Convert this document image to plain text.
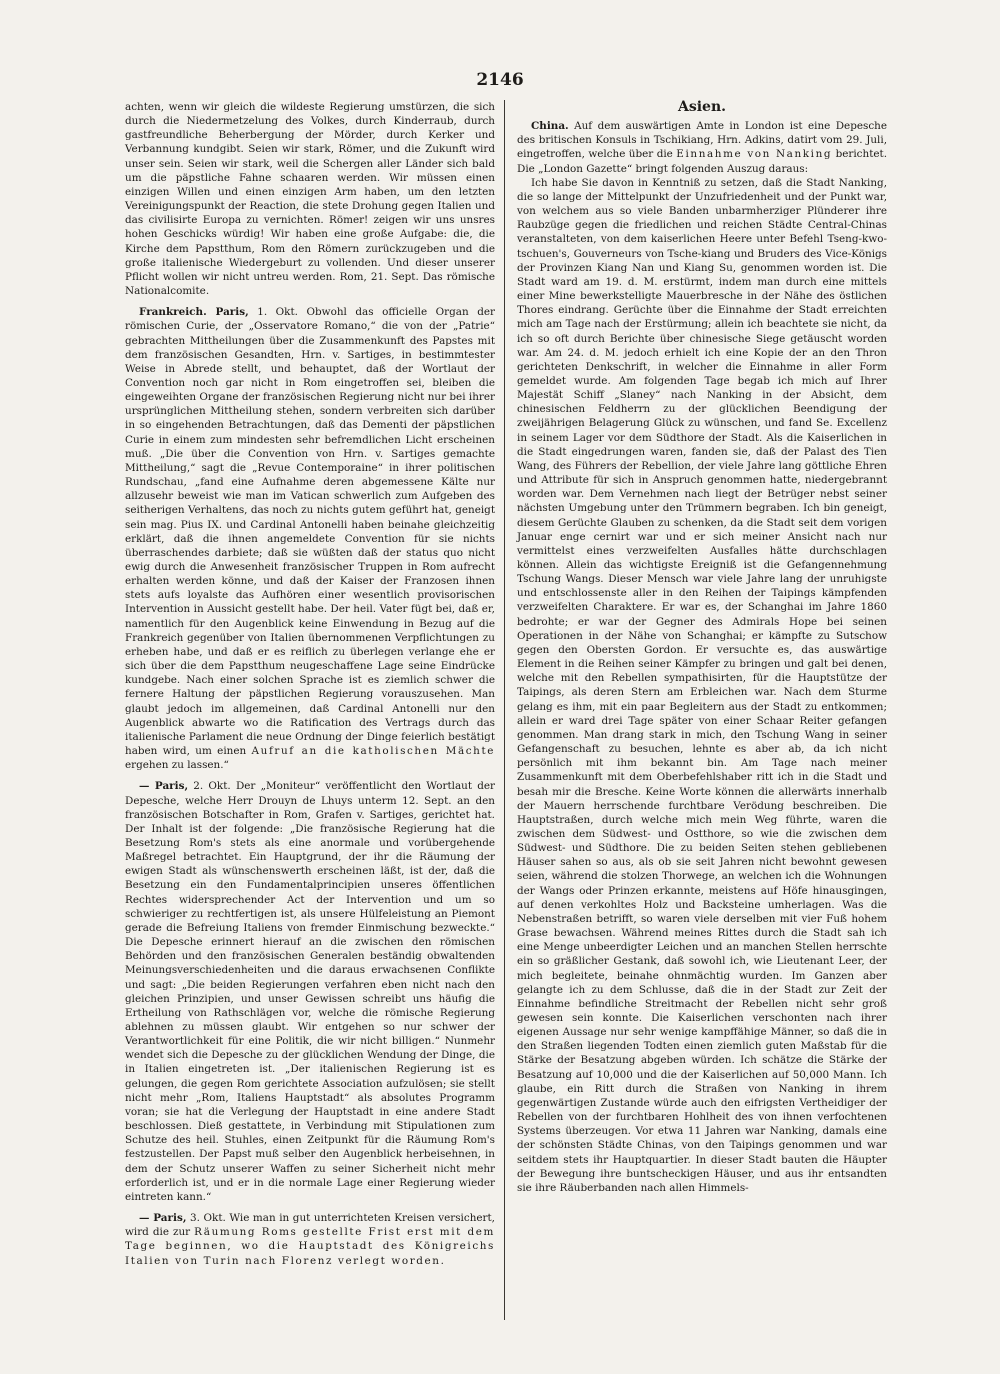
2146

achten, wenn wir gleich die wildeste Regierung umstürzen, die sich durch die Niedermetzelung des Volkes, durch Kinderraub, durch gastfreundliche Beherbergung der Mörder, durch Kerker und Verbannung kundgibt. Seien wir stark, Römer, und die Zukunft wird unser sein. Seien wir stark, weil die Schergen aller Länder sich bald um die päpstliche Fahne schaaren werden. Wir müssen einen einzigen Willen und einen einzigen Arm haben, um den letzten Vereinigungspunkt der Reaction, die stete Drohung gegen Italien und das civilisirte Europa zu vernichten. Römer! zeigen wir uns unsres hohen Geschicks würdig! Wir haben eine große Aufgabe: die, die Kirche dem Papstthum, Rom den Römern zurückzugeben und die große italienische Wiedergeburt zu vollenden. Und dieser unserer Pflicht wollen wir nicht untreu werden. Rom, 21. Sept. Das römische Nationalcomite.

Frankreich. Paris, 1. Okt. Obwohl das officielle Organ der römischen Curie, der „Osservatore Romano,“ die von der „Patrie“ gebrachten Mittheilungen über die Zusammenkunft des Papstes mit dem französischen Gesandten, Hrn. v. Sartiges, in bestimmtester Weise in Abrede stellt, und behauptet, daß der Wortlaut der Convention noch gar nicht in Rom eingetroffen sei, bleiben die eingeweihten Organe der französischen Regierung nicht nur bei ihrer ursprünglichen Mittheilung stehen, sondern verbreiten sich darüber in so eingehenden Betrachtungen, daß das Dementi der päpstlichen Curie in einem zum mindesten sehr befremdlichen Licht erscheinen muß. „Die über die Convention von Hrn. v. Sartiges gemachte Mittheilung,“ sagt die „Revue Contemporaine“ in ihrer politischen Rundschau, „fand eine Aufnahme deren abgemessene Kälte nur allzusehr beweist wie man im Vatican schwerlich zum Aufgeben des seitherigen Verhaltens, das noch zu nichts gutem geführt hat, geneigt sein mag. Pius IX. und Cardinal Antonelli haben beinahe gleichzeitig erklärt, daß die ihnen angemeldete Convention für sie nichts überraschendes darbiete; daß sie wüßten daß der status quo nicht ewig durch die Anwesenheit französischer Truppen in Rom aufrecht erhalten werden könne, und daß der Kaiser der Franzosen ihnen stets aufs loyalste das Aufhören einer wesentlich provisorischen Intervention in Aussicht gestellt habe. Der heil. Vater fügt bei, daß er, namentlich für den Augenblick keine Einwendung in Bezug auf die Frankreich gegenüber von Italien übernommenen Verpflichtungen zu erheben habe, und daß er es reiflich zu überlegen verlange ehe er sich über die dem Papstthum neugeschaffene Lage seine Eindrücke kundgebe. Nach einer solchen Sprache ist es ziemlich schwer die fernere Haltung der päpstlichen Regierung vorauszusehen. Man glaubt jedoch im allgemeinen, daß Cardinal Antonelli nur den Augenblick abwarte wo die Ratification des Vertrags durch das italienische Parlament die neue Ordnung der Dinge feierlich bestätigt haben wird, um einen Aufruf an die katholischen Mächte ergehen zu lassen.“

— Paris, 2. Okt. Der „Moniteur“ veröffentlicht den Wortlaut der Depesche, welche Herr Drouyn de Lhuys unterm 12. Sept. an den französischen Botschafter in Rom, Grafen v. Sartiges, gerichtet hat. Der Inhalt ist der folgende: „Die französische Regierung hat die Besetzung Rom's stets als eine anormale und vorübergehende Maßregel betrachtet. Ein Hauptgrund, der ihr die Räumung der ewigen Stadt als wünschenswerth erscheinen läßt, ist der, daß die Besetzung ein den Fundamentalprincipien unseres öffentlichen Rechtes widersprechender Act der Intervention und um so schwieriger zu rechtfertigen ist, als unsere Hülfeleistung an Piemont gerade die Befreiung Italiens von fremder Einmischung bezweckte.“ Die Depesche erinnert hierauf an die zwischen den römischen Behörden und den französischen Generalen beständig obwaltenden Meinungsverschiedenheiten und die daraus erwachsenen Conflikte und sagt: „Die beiden Regierungen verfahren eben nicht nach den gleichen Prinzipien, und unser Gewissen schreibt uns häufig die Ertheilung von Rathschlägen vor, welche die römische Regierung ablehnen zu müssen glaubt. Wir entgehen so nur schwer der Verantwortlichkeit für eine Politik, die wir nicht billigen.“ Nunmehr wendet sich die Depesche zu der glücklichen Wendung der Dinge, die in Italien eingetreten ist. „Der italienischen Regierung ist es gelungen, die gegen Rom gerichtete Association aufzulösen; sie stellt nicht mehr „Rom, Italiens Hauptstadt“ als absolutes Programm voran; sie hat die Verlegung der Hauptstadt in eine andere Stadt beschlossen. Dieß gestattete, in Verbindung mit Stipulationen zum Schutze des heil. Stuhles, einen Zeitpunkt für die Räumung Rom's festzustellen. Der Papst muß selber den Augenblick herbeisehnen, in dem der Schutz unserer Waffen zu seiner Sicherheit nicht mehr erforderlich ist, und er in die normale Lage einer Regierung wieder eintreten kann.“

— Paris, 3. Okt. Wie man in gut unterrichteten Kreisen versichert, wird die zur Räumung Roms gestellte Frist erst mit dem Tage beginnen, wo die Hauptstadt des Königreichs Italien von Turin nach Florenz verlegt worden.

Asien.

China. Auf dem auswärtigen Amte in London ist eine Depesche des britischen Konsuls in Tschikiang, Hrn. Adkins, datirt vom 29. Juli, eingetroffen, welche über die Einnahme von Nanking berichtet. Die „London Gazette“ bringt folgenden Auszug daraus:

Ich habe Sie davon in Kenntniß zu setzen, daß die Stadt Nanking, die so lange der Mittelpunkt der Unzufriedenheit und der Punkt war, von welchem aus so viele Banden unbarmherziger Plünderer ihre Raubzüge gegen die friedlichen und reichen Städte Central-Chinas veranstalteten, von dem kaiserlichen Heere unter Befehl Tseng-kwo-tschuen's, Gouverneurs von Tsche-kiang und Bruders des Vice-Königs der Provinzen Kiang Nan und Kiang Su, genommen worden ist. Die Stadt ward am 19. d. M. erstürmt, indem man durch eine mittels einer Mine bewerkstelligte Mauerbresche in der Nähe des östlichen Thores eindrang. Gerüchte über die Einnahme der Stadt erreichten mich am Tage nach der Erstürmung; allein ich beachtete sie nicht, da ich so oft durch Berichte über chinesische Siege getäuscht worden war. Am 24. d. M. jedoch erhielt ich eine Kopie der an den Thron gerichteten Denkschrift, in welcher die Einnahme in aller Form gemeldet wurde. Am folgenden Tage begab ich mich auf Ihrer Majestät Schiff „Slaney“ nach Nanking in der Absicht, dem chinesischen Feldherrn zu der glücklichen Beendigung der zweijährigen Belagerung Glück zu wünschen, und fand Se. Excellenz in seinem Lager vor dem Südthore der Stadt. Als die Kaiserlichen in die Stadt eingedrungen waren, fanden sie, daß der Palast des Tien Wang, des Führers der Rebellion, der viele Jahre lang göttliche Ehren und Attribute für sich in Anspruch genommen hatte, niedergebrannt worden war. Dem Vernehmen nach liegt der Betrüger nebst seiner nächsten Umgebung unter den Trümmern begraben. Ich bin geneigt, diesem Gerüchte Glauben zu schenken, da die Stadt seit dem vorigen Januar enge cernirt war und er sich meiner Ansicht nach nur vermittelst eines verzweifelten Ausfalles hätte durchschlagen können. Allein das wichtigste Ereigniß ist die Gefangennehmung Tschung Wangs. Dieser Mensch war viele Jahre lang der unruhigste und entschlossenste aller in den Reihen der Taipings kämpfenden verzweifelten Charaktere. Er war es, der Schanghai im Jahre 1860 bedrohte; er war der Gegner des Admirals Hope bei seinen Operationen in der Nähe von Schanghai; er kämpfte zu Sutschow gegen den Obersten Gordon. Er versuchte es, das auswärtige Element in die Reihen seiner Kämpfer zu bringen und galt bei denen, welche mit den Rebellen sympathisirten, für die Hauptstütze der Taipings, als deren Stern am Erbleichen war. Nach dem Sturme gelang es ihm, mit ein paar Begleitern aus der Stadt zu entkommen; allein er ward drei Tage später von einer Schaar Reiter gefangen genommen. Man drang stark in mich, den Tschung Wang in seiner Gefangenschaft zu besuchen, lehnte es aber ab, da ich nicht persönlich mit ihm bekannt bin. Am Tage nach meiner Zusammenkunft mit dem Oberbefehlshaber ritt ich in die Stadt und besah mir die Bresche. Keine Worte können die allerwärts innerhalb der Mauern herrschende furchtbare Verödung beschreiben. Die Hauptstraßen, durch welche mich mein Weg führte, waren die zwischen dem Südwest- und Ostthore, so wie die zwischen dem Südwest- und Südthore. Die zu beiden Seiten stehen gebliebenen Häuser sahen so aus, als ob sie seit Jahren nicht bewohnt gewesen seien, während die stolzen Thorwege, an welchen ich die Wohnungen der Wangs oder Prinzen erkannte, meistens auf Höfe hinausgingen, auf denen verkohltes Holz und Backsteine umherlagen. Was die Nebenstraßen betrifft, so waren viele derselben mit vier Fuß hohem Grase bewachsen. Während meines Rittes durch die Stadt sah ich eine Menge unbeerdigter Leichen und an manchen Stellen herrschte ein so gräßlicher Gestank, daß sowohl ich, wie Lieutenant Leer, der mich begleitete, beinahe ohnmächtig wurden. Im Ganzen aber gelangte ich zu dem Schlusse, daß die in der Stadt zur Zeit der Einnahme befindliche Streitmacht der Rebellen nicht sehr groß gewesen sein konnte. Die Kaiserlichen verschonten nach ihrer eigenen Aussage nur sehr wenige kampffähige Männer, so daß die in den Straßen liegenden Todten einen ziemlich guten Maßstab für die Stärke der Besatzung abgeben würden. Ich schätze die Stärke der Besatzung auf 10,000 und die der Kaiserlichen auf 50,000 Mann. Ich glaube, ein Ritt durch die Straßen von Nanking in ihrem gegenwärtigen Zustande würde auch den eifrigsten Vertheidiger der Rebellen von der furchtbaren Hohlheit des von ihnen verfochtenen Systems überzeugen. Vor etwa 11 Jahren war Nanking, damals eine der schönsten Städte Chinas, von den Taipings genommen und war seitdem stets ihr Hauptquartier. In dieser Stadt bauten die Häupter der Bewegung ihre buntscheckigen Häuser, und aus ihr entsandten sie ihre Räuberbanden nach allen Himmels-
